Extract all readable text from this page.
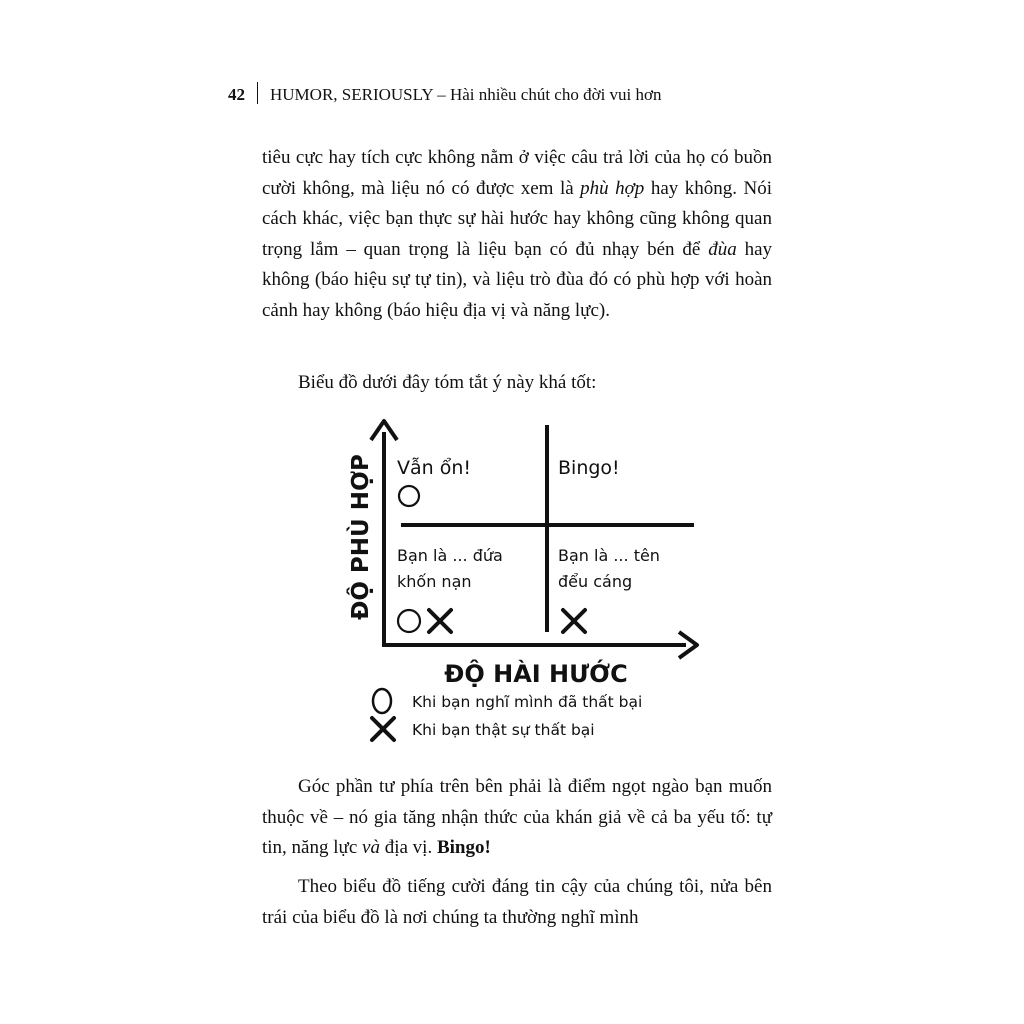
42 HUMOR, SERIOUSLY – Hài nhiều chút cho đời vui hơn

tiêu cực hay tích cực không nằm ở việc câu trả lời của họ có buồn cười không, mà liệu nó có được xem là phù hợp hay không. Nói cách khác, việc bạn thực sự hài hước hay không cũng không quan trọng lắm – quan trọng là liệu bạn có đủ nhạy bén để đùa hay không (báo hiệu sự tự tin), và liệu trò đùa đó có phù hợp với hoàn cảnh hay không (báo hiệu địa vị và năng lực).

Biểu đồ dưới đây tóm tắt ý này khá tốt:

ĐỘ PHÙ HỢP Vẫn ổn!	Bingo!
Bạn là ... đứa
khốn nạn
Bạn là ... tên
đểu cáng
ĐỘ HÀI HƯỚC
Khi bạn nghĩ mình đã thất bại
Khi bạn thật sự thất bại

Góc phần tư phía trên bên phải là điểm ngọt ngào bạn muốn thuộc về – nó gia tăng nhận thức của khán giả về cả ba yếu tố: tự tin, năng lực và địa vị. Bingo!

Theo biểu đồ tiếng cười đáng tin cậy của chúng tôi, nửa bên trái của biểu đồ là nơi chúng ta thường nghĩ mình
